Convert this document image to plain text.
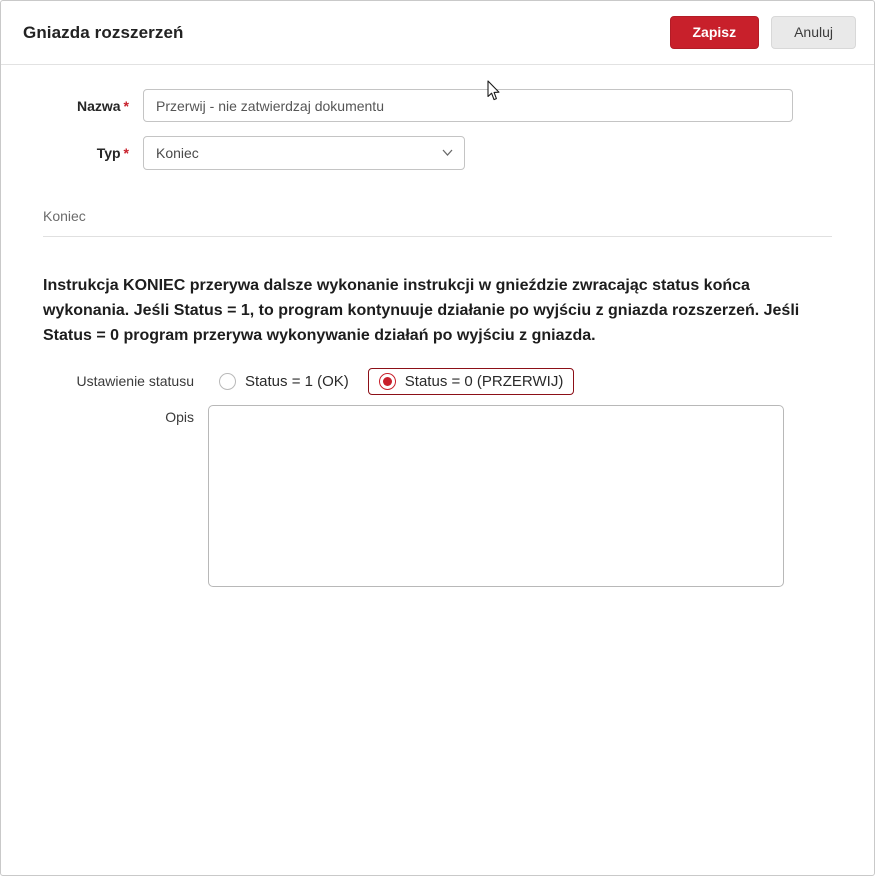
Gniazda rozszerzeń	Zapisz	Anuluj
Nazwa *
Przerwij - nie zatwierdzaj dokumentu
Typ *	Koniec
Koniec
Instrukcja KONIEC przerywa dalsze wykonanie instrukcji w gnieździe zwracając status końca wykonania. Jeśli Status = 1, to program kontynuuje działanie po wyjściu z gniazda rozszerzeń. Jeśli Status = 0 program przerywa wykonywanie działań po wyjściu z gniazda.
Ustawienie statusu	Status = 1 (OK)	Status = 0 (PRZERWIJ)
Opis
